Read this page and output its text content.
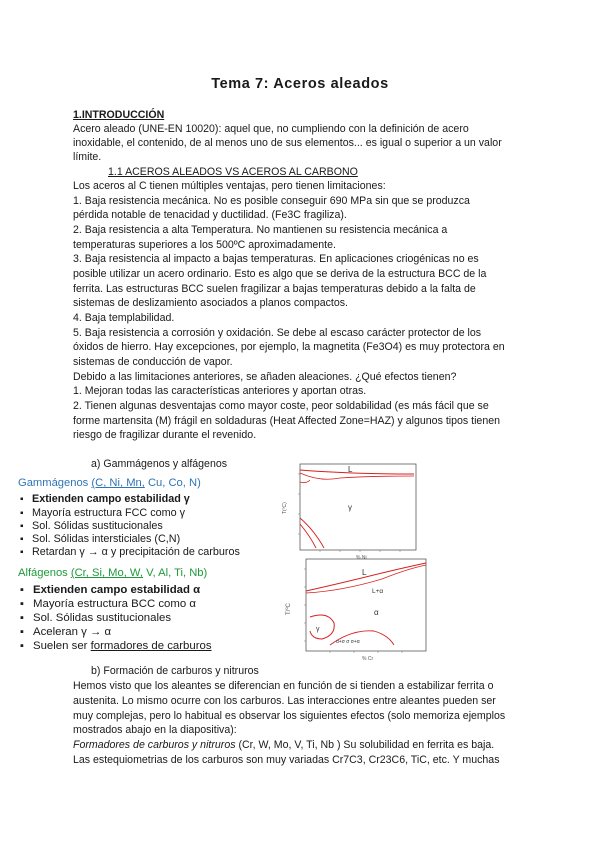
Tema 7: Aceros aleados
1.INTRODUCCIÓN
Acero aleado (UNE-EN 10020): aquel que, no cumpliendo con la definición de acero
inoxidable, el contenido, de al menos uno de sus elementos... es igual o superior a un valor
límite.
1.1 ACEROS ALEADOS VS ACEROS AL CARBONO
Los aceros al C tienen múltiples ventajas, pero tienen limitaciones:
1. Baja resistencia mecánica. No es posible conseguir 690 MPa sin que se produzca
pérdida notable de tenacidad y ductilidad. (Fe3C fragiliza).
2. Baja resistencia a alta Temperatura. No mantienen su resistencia mecánica a
temperaturas superiores a los 500ºC aproximadamente.
3. Baja resistencia al impacto a bajas temperaturas. En aplicaciones criogénicas no es
posible utilizar un acero ordinario. Esto es algo que se deriva de la estructura BCC de la
ferrita. Las estructuras BCC suelen fragilizar a bajas temperaturas debido a la falta de
sistemas de deslizamiento asociados a planos compactos.
4. Baja templabilidad.
5. Baja resistencia a corrosión y oxidación. Se debe al escaso carácter protector de los
óxidos de hierro. Hay excepciones, por ejemplo, la magnetita (Fe3O4) es muy protectora en
sistemas de conducción de vapor.
Debido a las limitaciones anteriores, se añaden aleaciones. ¿Qué efectos tienen?
1. Mejoran todas las características anteriores y aportan otras.
2. Tienen algunas desventajas como mayor coste, peor soldabilidad (es más fácil que se
forme martensita (M) frágil en soldaduras (Heat Affected Zone=HAZ) y algunos tipos tienen
riesgo de fragilizar durante el revenido.
a) Gammágenos y alfágenos
Gammágenos (C, Ni, Mn, Cu, Co, N)
▪ Extienden campo estabilidad γ
▪ Mayoría estructura FCC como γ
▪ Sol. Sólidas sustitucionales
▪ Sol. Sólidas intersticiales (C,N)
▪ Retardan γ → α y precipitación de carburos
Alfágenos (Cr, Si, Mo, W, V, Al, Ti, Nb)
▪ Extienden campo estabilidad α
▪ Mayoría estructura BCC como α
▪ Sol. Sólidas sustitucionales
▪ Aceleran γ → α
▪ Suelen ser formadores de carburos
L
γ
T(ºC)
% Ni
L
L+α
α
γ
α+σ σ σ+α
T/ºC
% Cr
b) Formación de carburos y nitruros
Hemos visto que los aleantes se diferencian en función de si tienden a estabilizar ferrita o
austenita. Lo mismo ocurre con los carburos. Las interacciones entre aleantes pueden ser
muy complejas, pero lo habitual es observar los siguientes efectos (solo memoriza ejemplos
mostrados abajo en la diapositiva):
Formadores de carburos y nitruros (Cr, W, Mo, V, Ti, Nb ) Su solubilidad en ferrita es baja.
Las estequiometrias de los carburos son muy variadas Cr7C3, Cr23C6, TiC, etc. Y muchas
